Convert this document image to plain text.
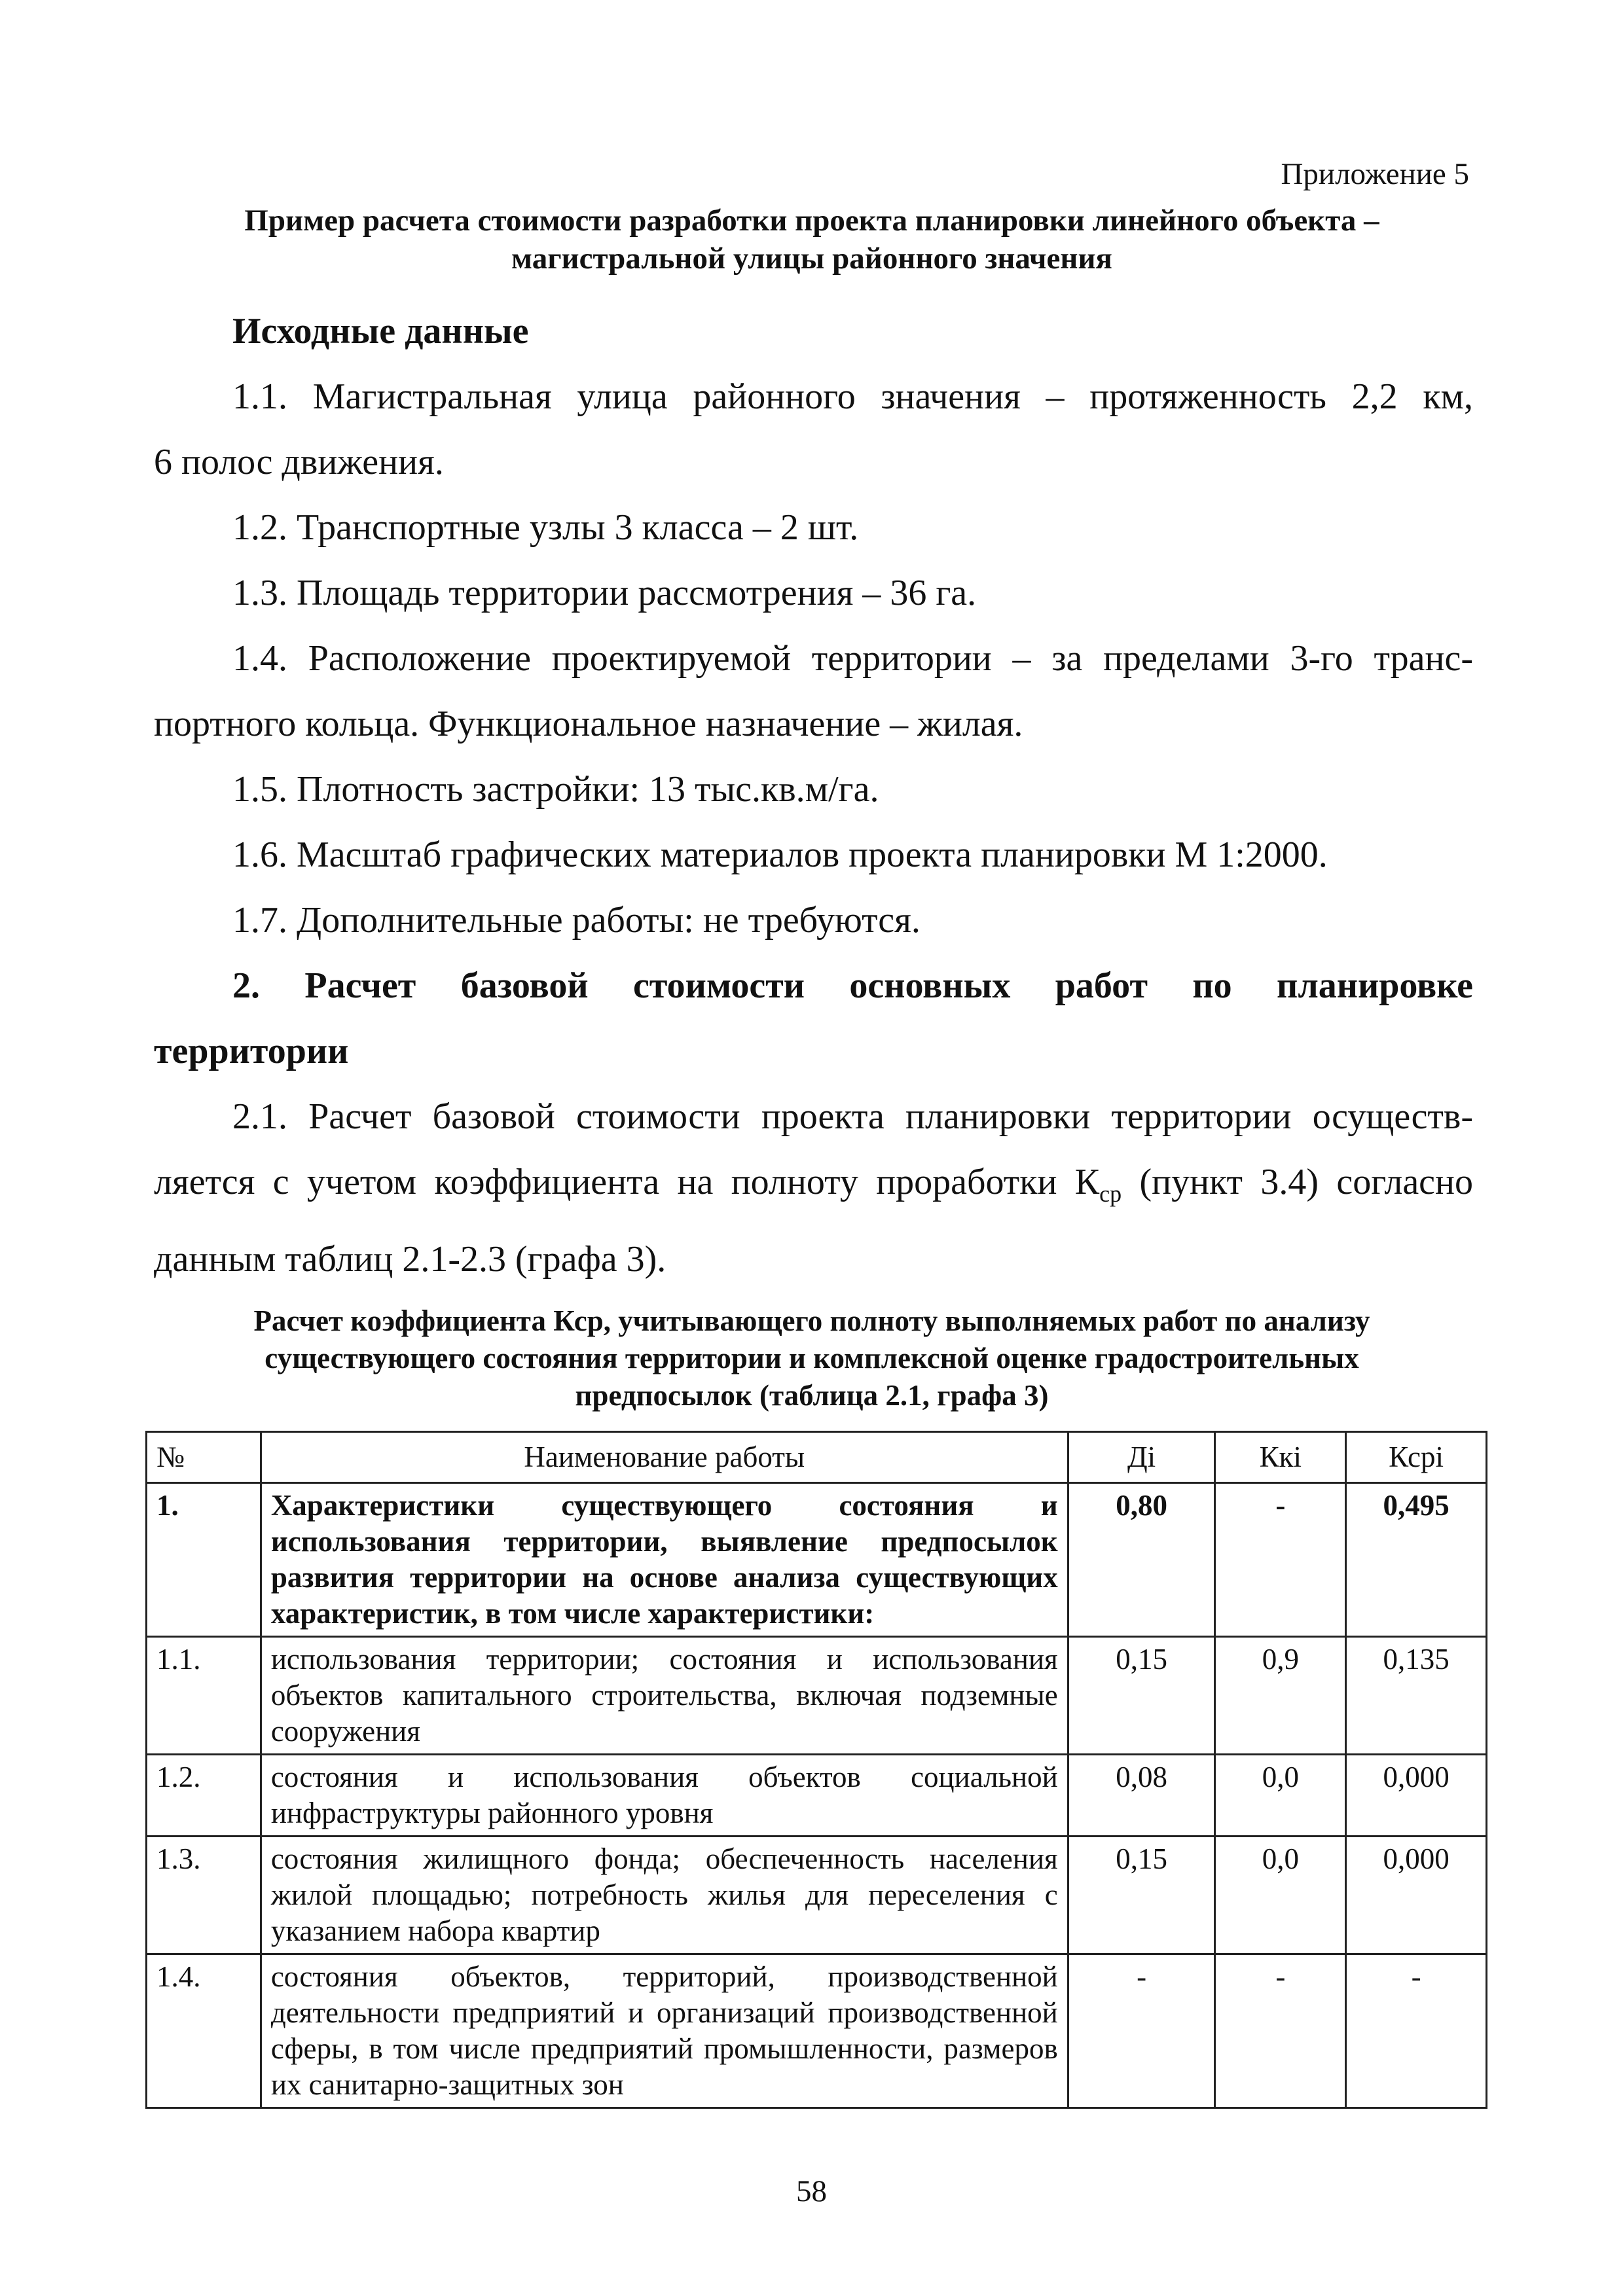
Приложение 5
Пример расчета стоимости разработки проекта планировки линейного объекта –
магистральной улицы районного значения
Исходные данные
1.1. Магистральная улица районного значения – протяженность 2,2 км,
6 полос движения.
1.2. Транспортные узлы 3 класса – 2 шт.
1.3. Площадь территории рассмотрения – 36 га.
1.4. Расположение проектируемой территории – за пределами 3-го транс-
портного кольца. Функциональное назначение – жилая.
1.5. Плотность застройки: 13 тыс.кв.м/га.
1.6. Масштаб графических материалов проекта планировки М 1:2000.
1.7. Дополнительные работы: не требуются.
2. Расчет базовой стоимости основных работ по планировке
территории
2.1. Расчет базовой стоимости проекта планировки территории осуществ-
ляется с учетом коэффициента на полноту проработки $К_{ср}$ (пункт 3.4) согласно
данным таблиц 2.1-2.3 (графа 3).
Расчет коэффициента Кср, учитывающего полноту выполняемых работ по анализу
существующего состояния территории и комплексной оценке градостроительных
предпосылок (таблица 2.1, графа 3)
№	Наименование работы	Дi	Ккi	Ксрi
1.	Характеристики существующего состояния и использования территории, выявление предпосылок развития территории на основе анализа существующих характеристик, в том числе характеристики:	0,80	-	0,495
1.1.	использования территории; состояния и использования объектов капитального строительства, включая подземные сооружения	0,15	0,9	0,135
1.2.	состояния и использования объектов социальной инфраструктуры районного уровня	0,08	0,0	0,000
1.3.	состояния жилищного фонда; обеспеченность населения жилой площадью; потребность жилья для переселения с указанием набора квартир	0,15	0,0	0,000
1.4.	состояния объектов, территорий, производственной деятельности предприятий и организаций производственной сферы, в том числе предприятий промышленности, размеров их санитарно-защитных зон	-	-	-
58
